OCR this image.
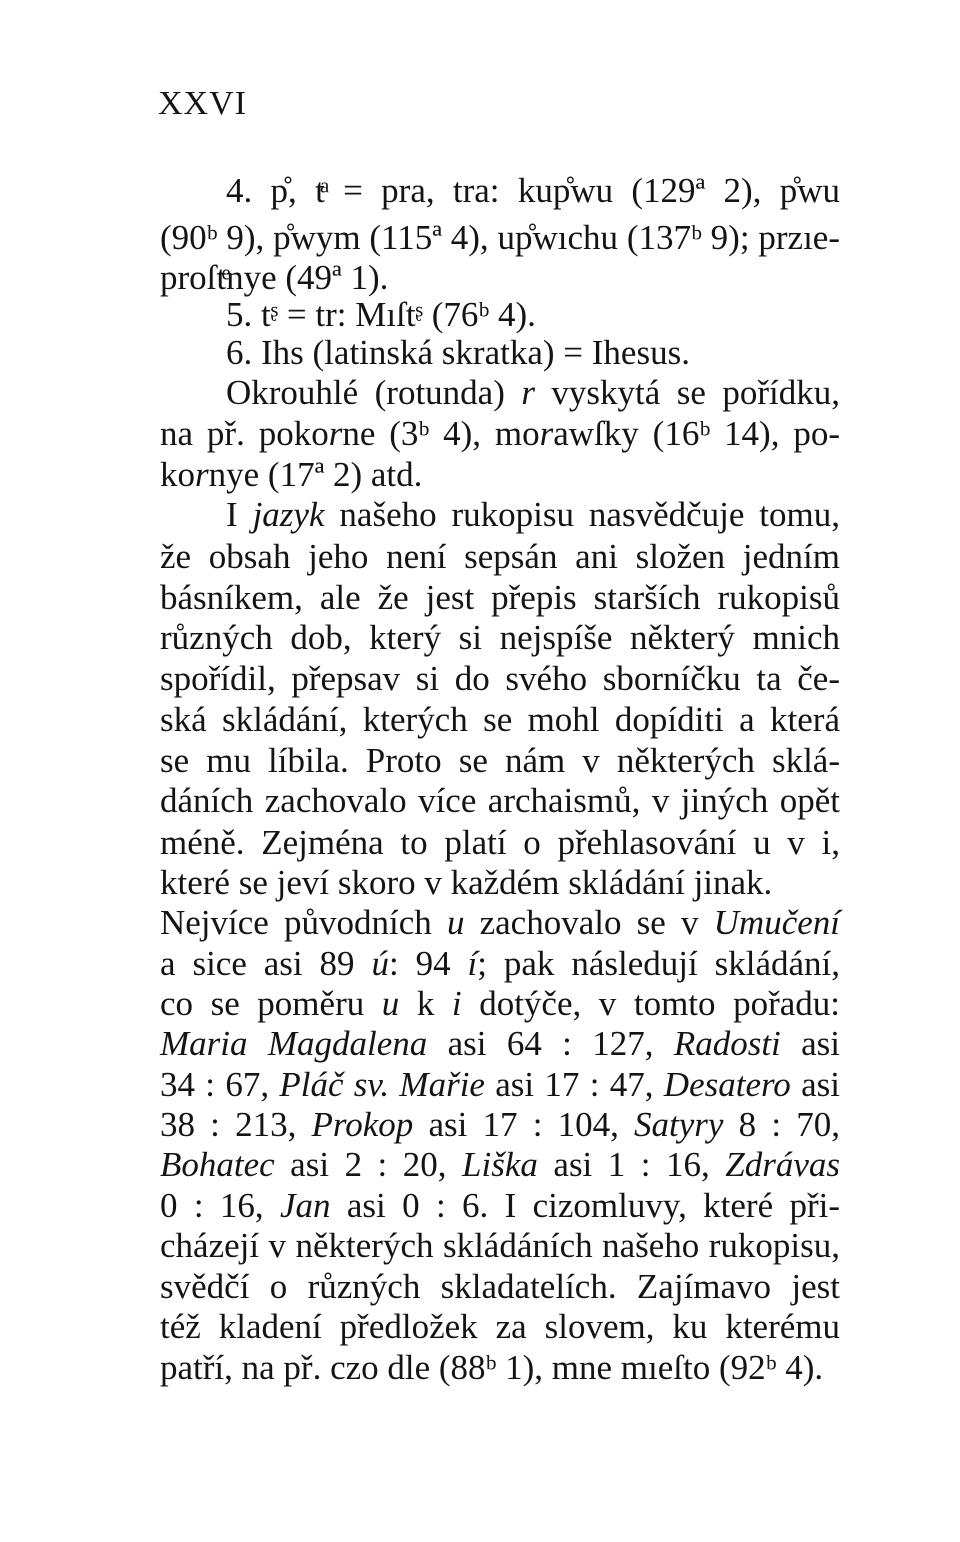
XXVI
4. p̊, tͣ = pra, tra: kup̊wu (129ª 2), p̊wu
(90ᵇ 9), p̊wym (115ª 4), up̊wıchu (137ᵇ 9); przıe-
proſtͤnye (49ª 1).
5. tᶳ = tr: Mıſtᶳ (76ᵇ 4).
6. Ihs (latinská skratka) = Ihesus.
Okrouhlé (rotunda) r vyskytá se pořídku,
na př. pokorne (3ᵇ 4), morawſky (16ᵇ 14), po-
kornye (17ª 2) atd.
I jazyk našeho rukopisu nasvědčuje tomu,
že obsah jeho není sepsán ani složen jedním
básníkem, ale že jest přepis starších rukopisů
různých dob, který si nejspíše některý mnich
spořídil, přepsav si do svého sborníčku ta če-
ská skládání, kterých se mohl dopíditi a která
se mu líbila. Proto se nám v některých sklá-
dáních zachovalo více archaismů, v jiných opět
méně. Zejména to platí o přehlasování u v i,
které se jeví skoro v každém skládání jinak.
Nejvíce původních u zachovalo se v Umučení
a sice asi 89 ú: 94 í; pak následují skládání,
co se poměru u k i dotýče, v tomto pořadu:
Maria Magdalena asi 64 : 127, Radosti asi
34 : 67, Pláč sv. Mařie asi 17 : 47, Desatero asi
38 : 213, Prokop asi 17 : 104, Satyry 8 : 70,
Bohatec asi 2 : 20, Liška asi 1 : 16, Zdrávas
0 : 16, Jan asi 0 : 6. I cizomluvy, které při-
cházejí v některých skládáních našeho rukopisu,
svědčí o různých skladatelích. Zajímavo jest
též kladení předložek za slovem, ku kterému
patří, na př. czo dle (88ᵇ 1), mne mıeſto (92ᵇ 4).
